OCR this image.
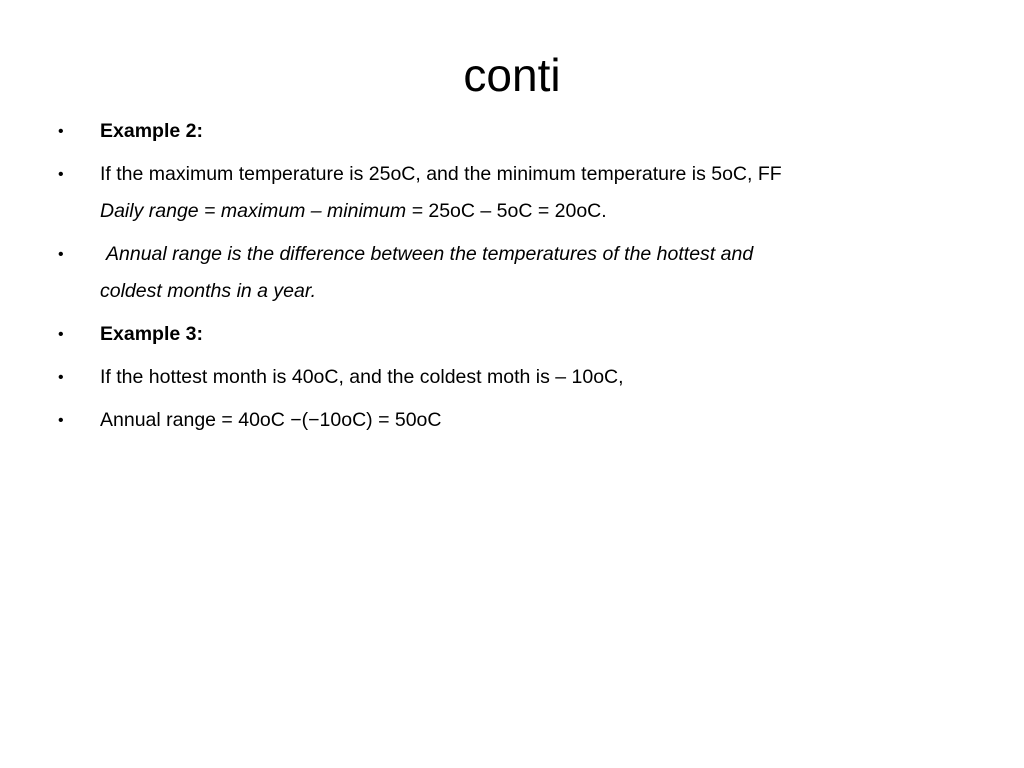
conti
•	Example 2:
•	If the maximum temperature is 25oC, and the minimum temperature is 5oC, FF
Daily range = maximum – minimum = 25oC – 5oC = 20oC.
•	Annual range is the difference between the temperatures of the hottest and
coldest months in a year.
•	Example 3:
•	If the hottest month is 40oC, and the coldest moth is – 10oC,
•	Annual range = 40oC −(−10oC) = 50oC
